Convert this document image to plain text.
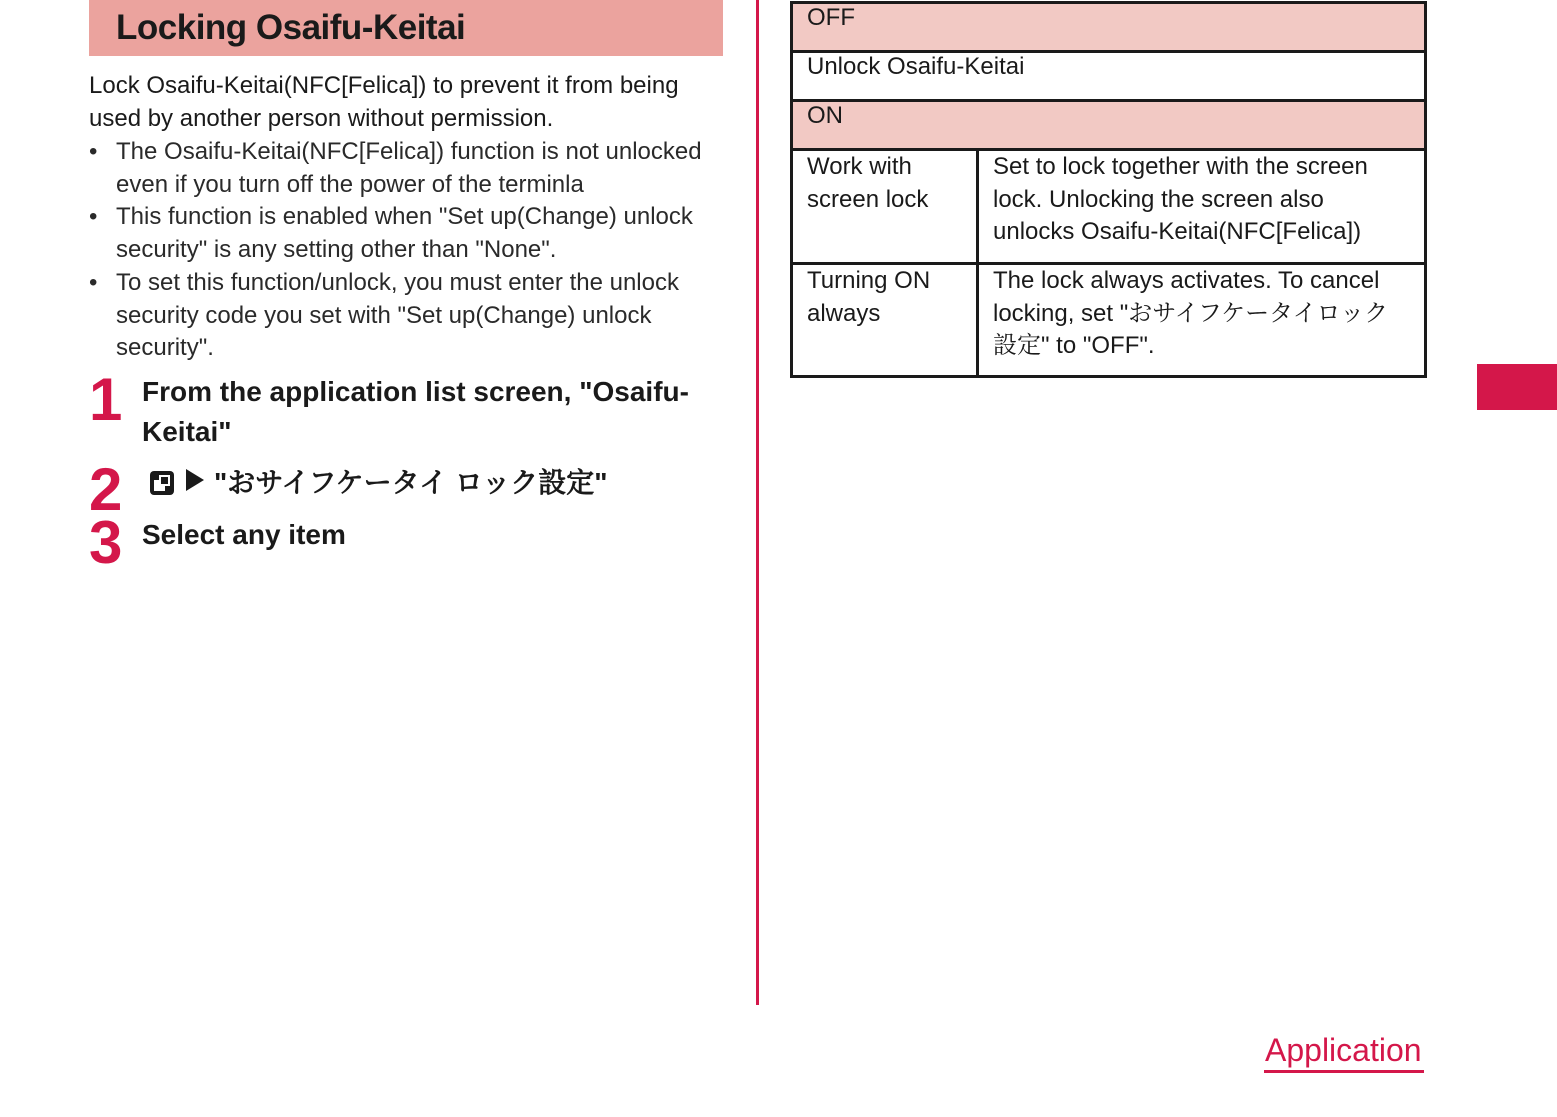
Locking Osaifu-Keitai

Lock Osaifu-Keitai(NFC[Felica]) to prevent it from being used by another person without permission.

• The Osaifu-Keitai(NFC[Felica]) function is not unlocked even if you turn off the power of the terminla
• This function is enabled when "Set up(Change) unlock security" is any setting other than "None".
• To set this function/unlock, you must enter the unlock security code you set with "Set up(Change) unlock security".
1 From the application list screen, "Osaifu-Keitai"
2	"おサイフケータイ ロック設定"
3 Select any item
OFF	
Unlock Osaifu-Keitai	
ON	
Work with screen lock	Set to lock together with the screen lock. Unlocking the screen also unlocks Osaifu-Keitai(NFC[Felica])
Turning ON always	The lock always activates. To cancel locking, set "おサイフケータイロック設定" to "OFF".
Application
